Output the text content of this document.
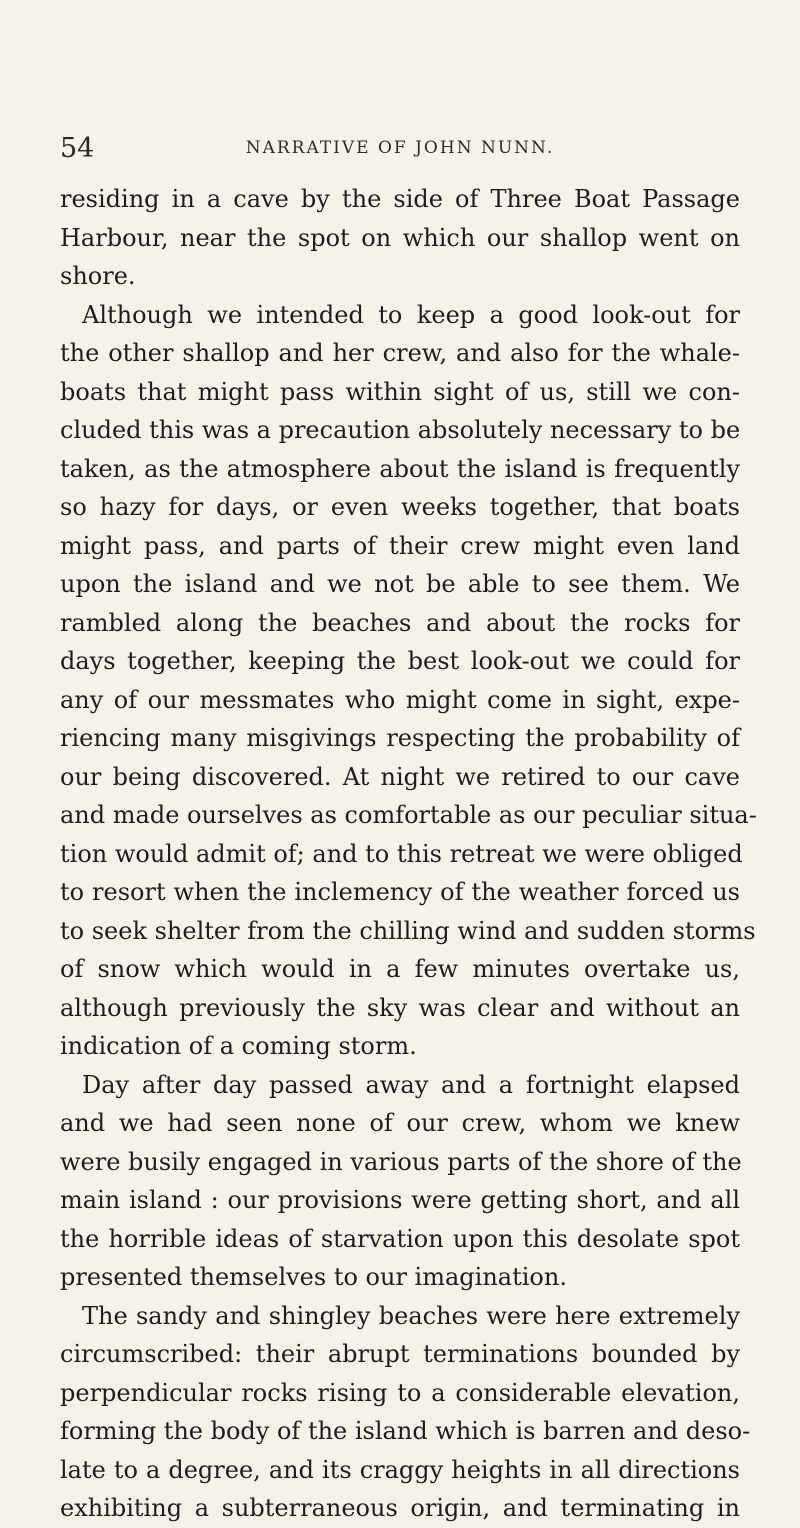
54	NARRATIVE OF JOHN NUNN.
residing in a cave by the side of Three Boat Passage
Harbour, near the spot on which our shallop went on
shore.
Although we intended to keep a good look-out for
the other shallop and her crew, and also for the whale-
boats that might pass within sight of us, still we con-
cluded this was a precaution absolutely necessary to be
taken, as the atmosphere about the island is frequently
so hazy for days, or even weeks together, that boats
might pass, and parts of their crew might even land
upon the island and we not be able to see them. We
rambled along the beaches and about the rocks for
days together, keeping the best look-out we could for
any of our messmates who might come in sight, expe-
riencing many misgivings respecting the probability of
our being discovered. At night we retired to our cave
and made ourselves as comfortable as our peculiar situa-
tion would admit of; and to this retreat we were obliged
to resort when the inclemency of the weather forced us
to seek shelter from the chilling wind and sudden storms
of snow which would in a few minutes overtake us,
although previously the sky was clear and without an
indication of a coming storm.
Day after day passed away and a fortnight elapsed
and we had seen none of our crew, whom we knew
were busily engaged in various parts of the shore of the
main island : our provisions were getting short, and all
the horrible ideas of starvation upon this desolate spot
presented themselves to our imagination.
The sandy and shingley beaches were here extremely
circumscribed: their abrupt terminations bounded by
perpendicular rocks rising to a considerable elevation,
forming the body of the island which is barren and deso-
late to a degree, and its craggy heights in all directions
exhibiting a subterraneous origin, and terminating in
